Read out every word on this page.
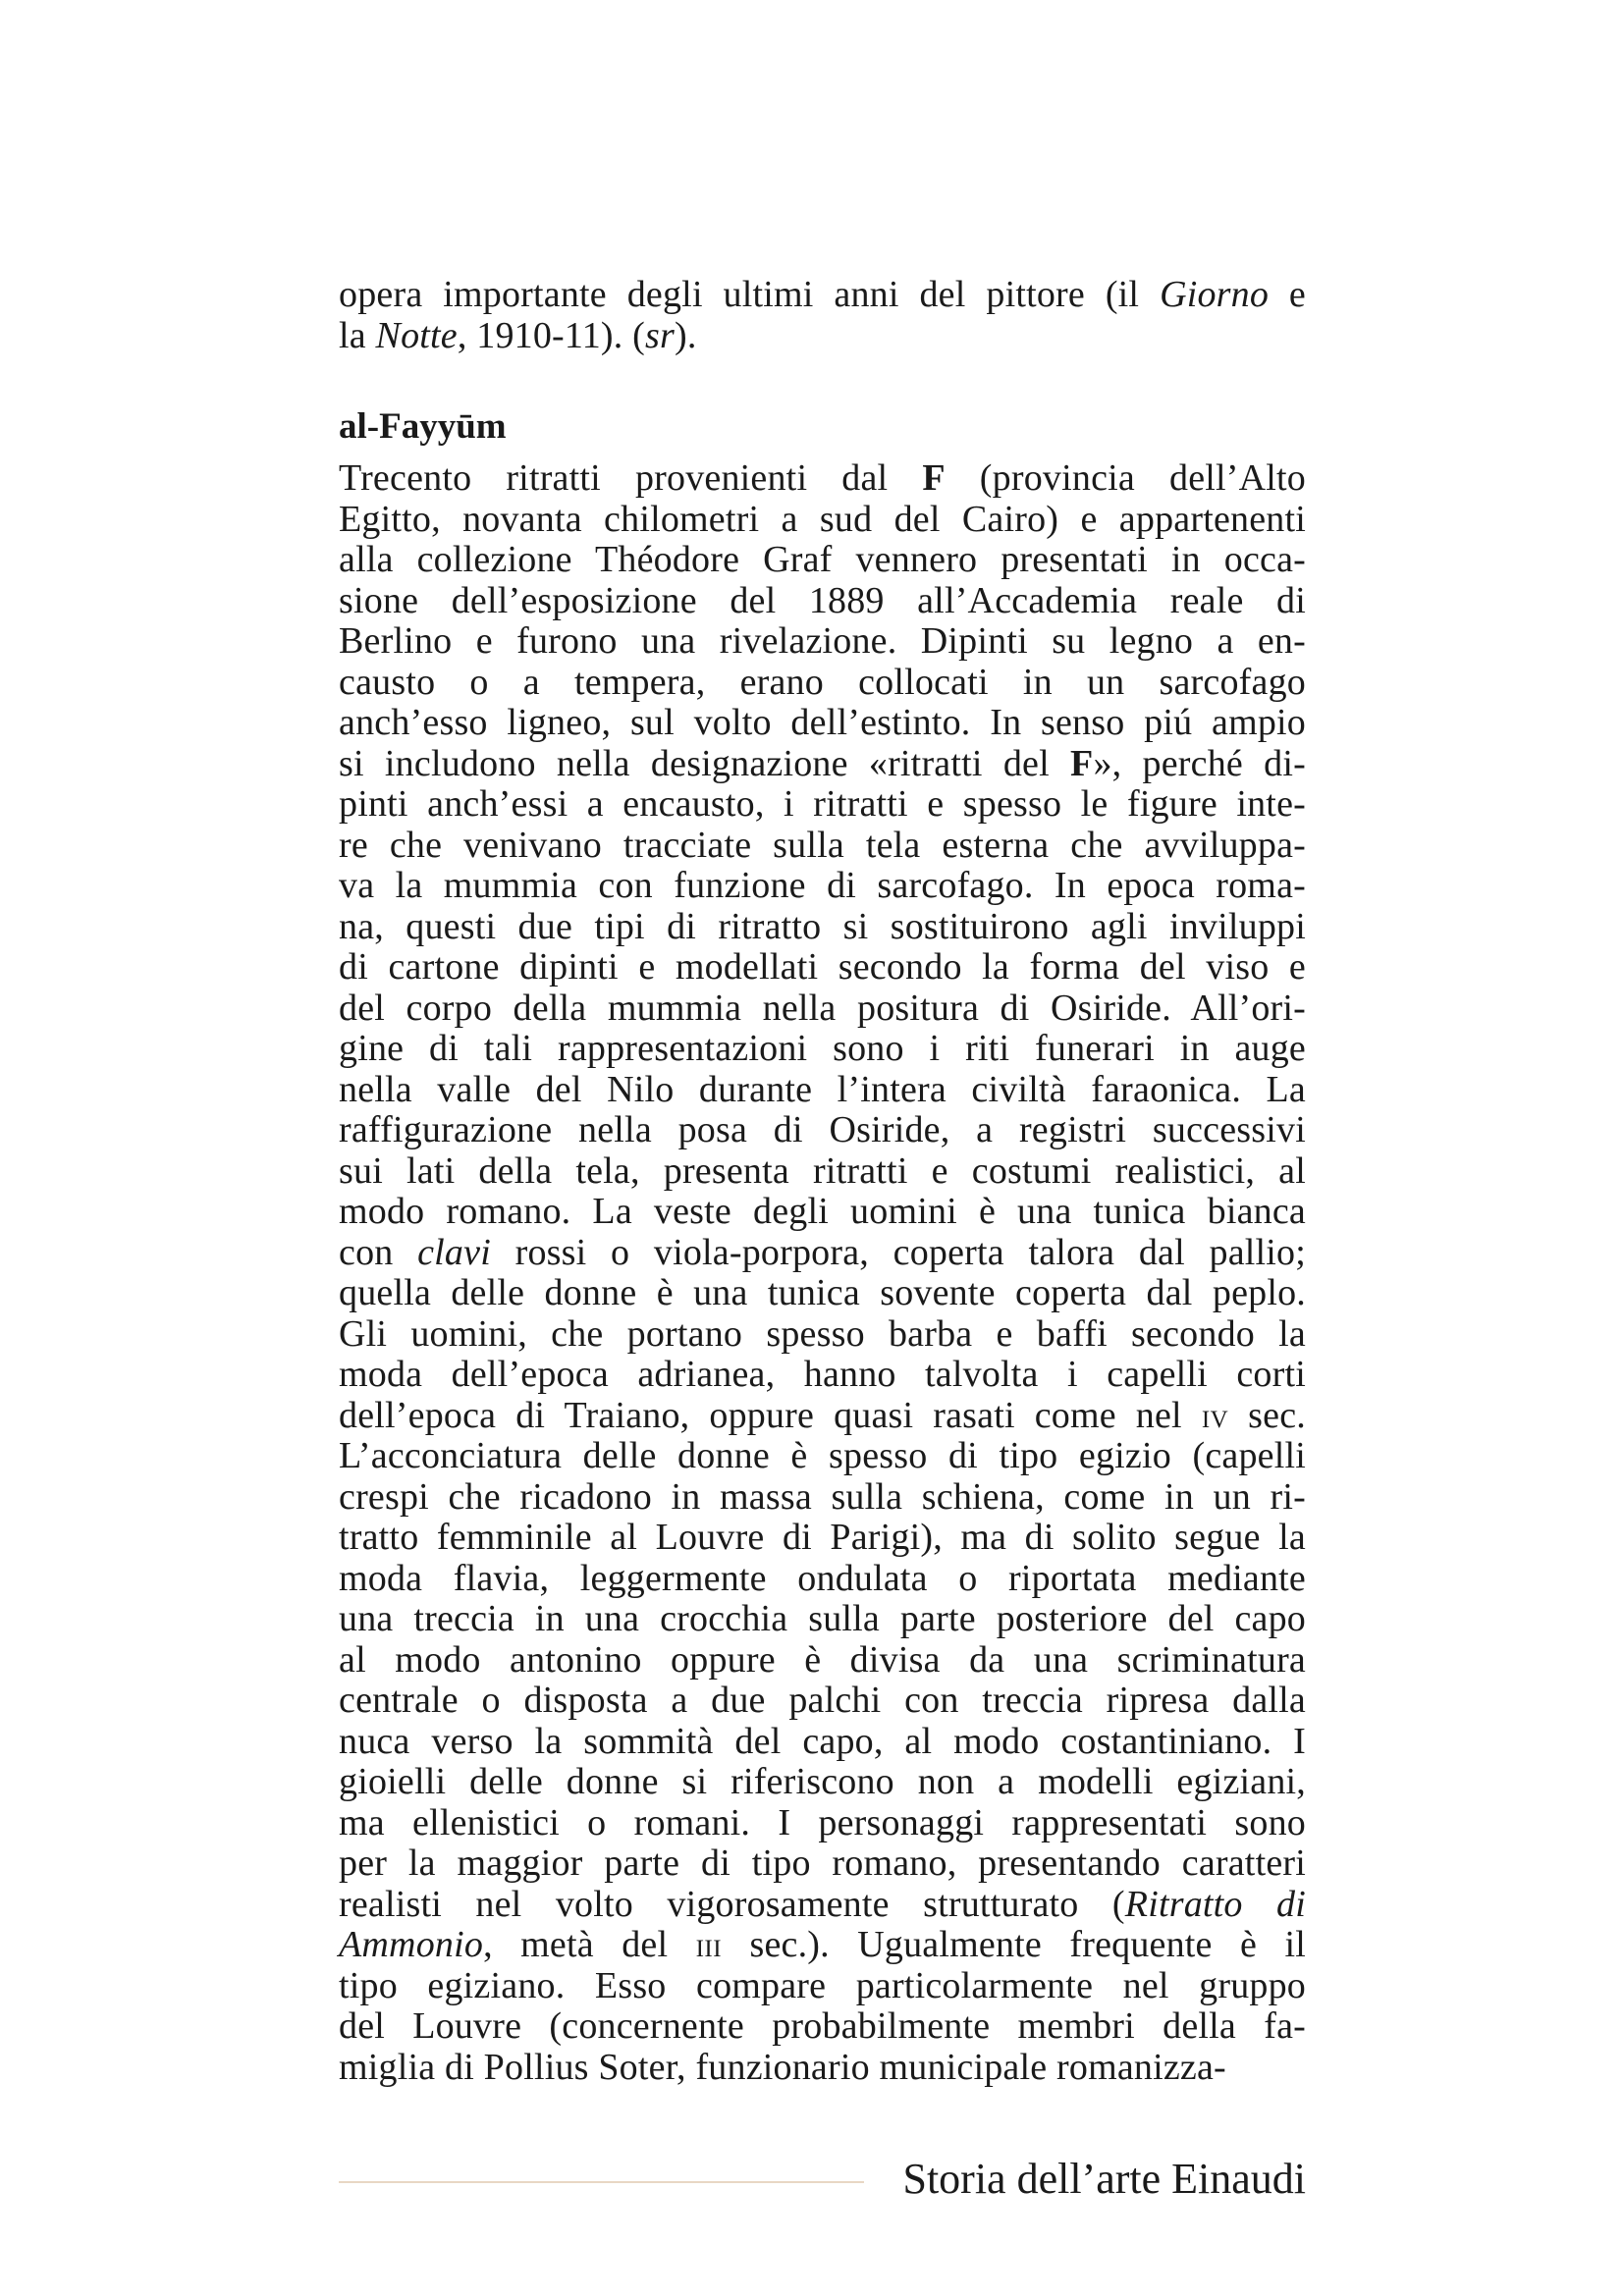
opera importante degli ultimi anni del pittore (il Giorno e
la Notte, 1910-11). (sr).

al-Fayyūm

Trecento ritratti provenienti dal F (provincia dell’Alto
Egitto, novanta chilometri a sud del Cairo) e appartenenti
alla collezione Théodore Graf vennero presentati in occa-
sione dell’esposizione del 1889 all’Accademia reale di
Berlino e furono una rivelazione. Dipinti su legno a en-
causto o a tempera, erano collocati in un sarcofago
anch’esso ligneo, sul volto dell’estinto. In senso piú ampio
si includono nella designazione «ritratti del F», perché di-
pinti anch’essi a encausto, i ritratti e spesso le figure inte-
re che venivano tracciate sulla tela esterna che avviluppa-
va la mummia con funzione di sarcofago. In epoca roma-
na, questi due tipi di ritratto si sostituirono agli inviluppi
di cartone dipinti e modellati secondo la forma del viso e
del corpo della mummia nella positura di Osiride. All’ori-
gine di tali rappresentazioni sono i riti funerari in auge
nella valle del Nilo durante l’intera civiltà faraonica. La
raffigurazione nella posa di Osiride, a registri successivi
sui lati della tela, presenta ritratti e costumi realistici, al
modo romano. La veste degli uomini è una tunica bianca
con clavi rossi o viola-porpora, coperta talora dal pallio;
quella delle donne è una tunica sovente coperta dal peplo.
Gli uomini, che portano spesso barba e baffi secondo la
moda dell’epoca adrianea, hanno talvolta i capelli corti
dell’epoca di Traiano, oppure quasi rasati come nel iv sec.
L’acconciatura delle donne è spesso di tipo egizio (capelli
crespi che ricadono in massa sulla schiena, come in un ri-
tratto femminile al Louvre di Parigi), ma di solito segue la
moda flavia, leggermente ondulata o riportata mediante
una treccia in una crocchia sulla parte posteriore del capo
al modo antonino oppure è divisa da una scriminatura
centrale o disposta a due palchi con treccia ripresa dalla
nuca verso la sommità del capo, al modo costantiniano. I
gioielli delle donne si riferiscono non a modelli egiziani,
ma ellenistici o romani. I personaggi rappresentati sono
per la maggior parte di tipo romano, presentando caratteri
realisti nel volto vigorosamente strutturato (Ritratto di
Ammonio, metà del iii sec.). Ugualmente frequente è il
tipo egiziano. Esso compare particolarmente nel gruppo
del Louvre (concernente probabilmente membri della fa-
miglia di Pollius Soter, funzionario municipale romanizza-

Storia dell’arte Einaudi
